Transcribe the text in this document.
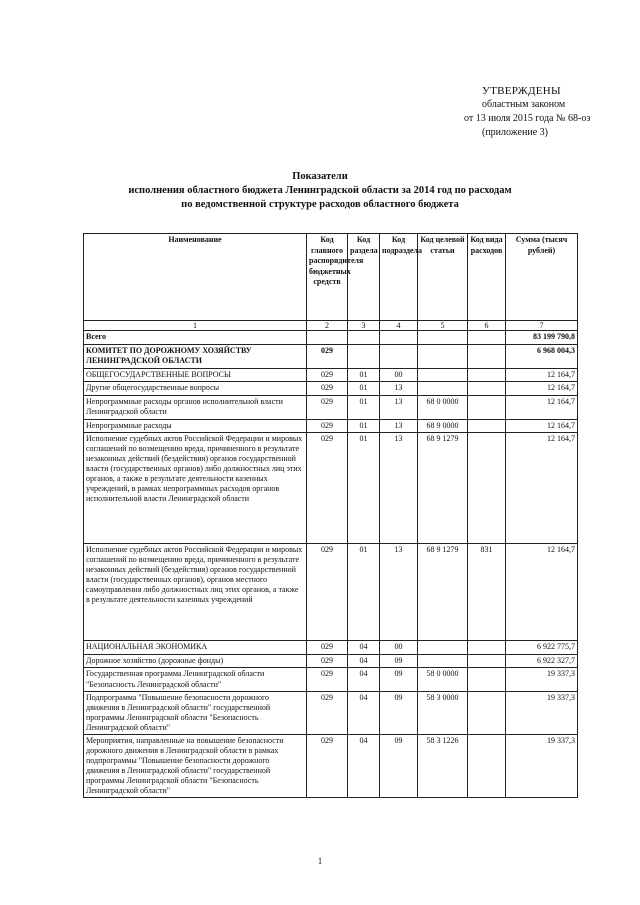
УТВЕРЖДЕНЫ
областным законом
от 13 июля 2015 года № 68-оз
(приложение 3)
Показатели
исполнения областного бюджета Ленинградской области за 2014 год по расходам
по ведомственной структуре расходов областного бюджета
Наименование	Код главного распорядителя бюджетных средств	Код раздела	Код подраздела	Код целевой статьи	Код вида расходов	Сумма (тысяч рублей)
1	2	3	4	5	6	7
Всего						83 199 790,8
КОМИТЕТ ПО ДОРОЖНОМУ ХОЗЯЙСТВУ ЛЕНИНГРАДСКОЙ ОБЛАСТИ	029					6 968 004,3
ОБЩЕГОСУДАРСТВЕННЫЕ ВОПРОСЫ	029	01	00			12 164,7
Другие общегосударственные вопросы	029	01	13			12 164,7
Непрограммные расходы органов исполнительной власти Ленинградской области	029	01	13	68 0 0000		12 164,7
Непрограммные расходы	029	01	13	68 9 0000		12 164,7
Исполнение судебных актов Российской Федерации и мировых соглашений по возмещению вреда, причиненного в результате незаконных действий (бездействия) органов государственной власти (государственных органов) либо должностных лиц этих органов, а также в результате деятельности казенных учреждений, в рамках непрограммных расходов органов исполнительной власти Ленинградской области	029	01	13	68 9 1279		12 164,7
Исполнение судебных актов Российской Федерации и мировых соглашений по возмещению вреда, причиненного в результате незаконных действий (бездействия) органов государственной власти (государственных органов), органов местного самоуправления либо должностных лиц этих органов, а также в результате деятельности казенных учреждений	029	01	13	68 9 1279	831	12 164,7
НАЦИОНАЛЬНАЯ ЭКОНОМИКА	029	04	00			6 922 775,7
Дорожное хозяйство (дорожные фонды)	029	04	09			6 922 327,7
Государственная программа Ленинградской области "Безопасность Ленинградской области"	029	04	09	58 0 0000		19 337,3
Подпрограмма "Повышение безопасности дорожного движения в Ленинградской области" государственной программы Ленинградской области "Безопасность Ленинградской области"	029	04	09	58 3 0000		19 337,3
Мероприятия, направленные на повышение безопасности дорожного движения в Ленинградской области в рамках подпрограммы "Повышение безопасности дорожного движения в Ленинградской области" государственной программы Ленинградской области "Безопасность Ленинградской области"	029	04	09	58 3 1226		19 337,3
1
